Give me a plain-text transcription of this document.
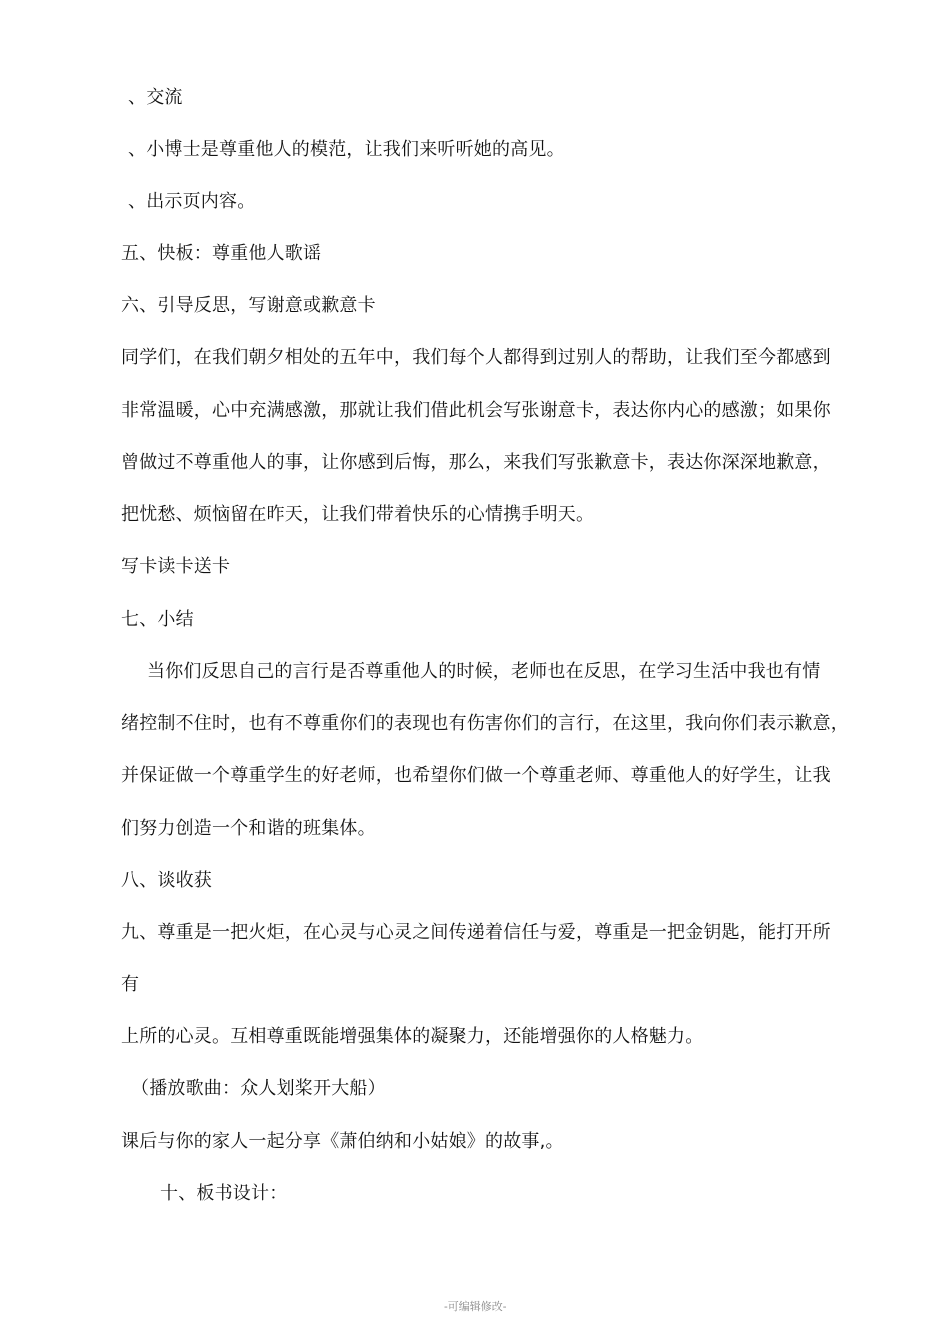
、交流
、小博士是尊重他人的模范，让我们来听听她的高见。
、出示页内容。
五、快板：尊重他人歌谣
六、引导反思，写谢意或歉意卡
同学们，在我们朝夕相处的五年中，我们每个人都得到过别人的帮助，让我们至今都感到
非常温暖，心中充满感激，那就让我们借此机会写张谢意卡，表达你内心的感激；如果你
曾做过不尊重他人的事，让你感到后悔，那么，来我们写张歉意卡，表达你深深地歉意，
把忧愁、烦恼留在昨天，让我们带着快乐的心情携手明天。
写卡读卡送卡
七、小结
当你们反思自己的言行是否尊重他人的时候，老师也在反思，在学习生活中我也有情
绪控制不住时，也有不尊重你们的表现也有伤害你们的言行，在这里，我向你们表示歉意，
并保证做一个尊重学生的好老师，也希望你们做一个尊重老师、尊重他人的好学生，让我
们努力创造一个和谐的班集体。
八、谈收获
九、尊重是一把火炬，在心灵与心灵之间传递着信任与爱，尊重是一把金钥匙，能打开所
有
上所的心灵。互相尊重既能增强集体的凝聚力，还能增强你的人格魅力。
（播放歌曲：众人划桨开大船）
课后与你的家人一起分享《萧伯纳和小姑娘》的故事,。
十、板书设计：
-可编辑修改-
